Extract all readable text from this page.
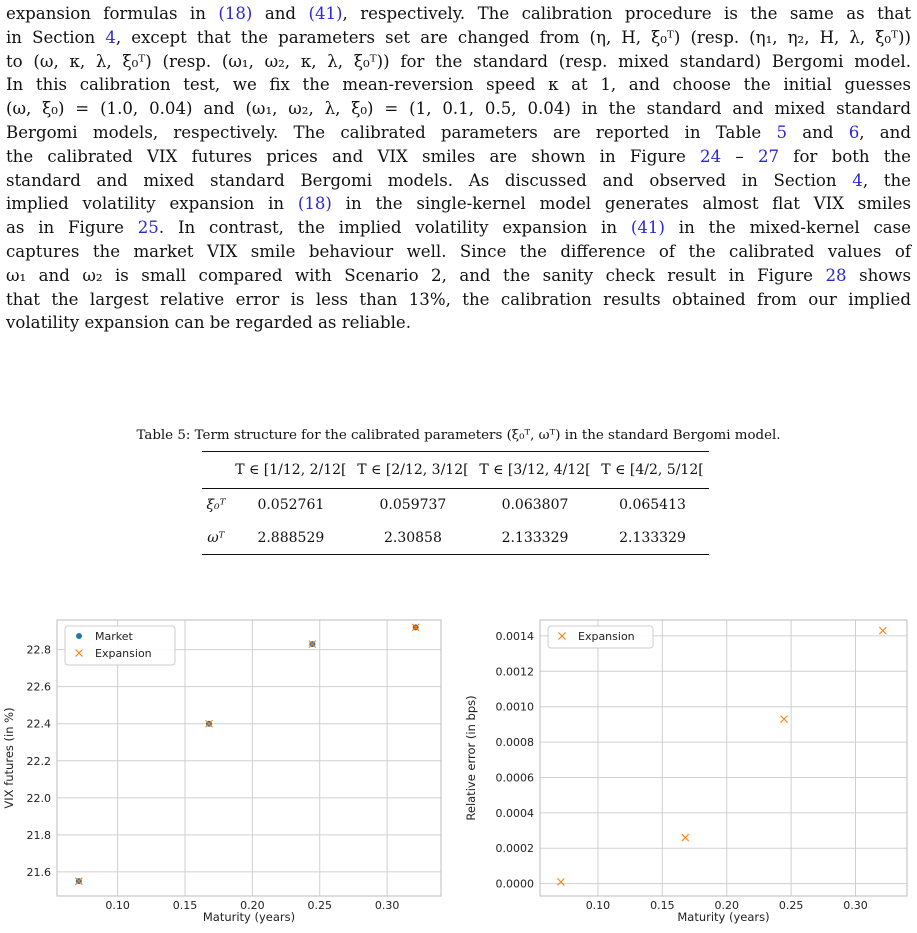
expansion formulas in (18) and (41), respectively. The calibration procedure is the same as that
in Section 4, except that the parameters set are changed from (η, H, ξ₀ᵀ) (resp. (η₁, η₂, H, λ, ξ₀ᵀ))
to (ω, κ, λ, ξ₀ᵀ) (resp. (ω₁, ω₂, κ, λ, ξ₀ᵀ)) for the standard (resp. mixed standard) Bergomi model.
In this calibration test, we fix the mean-reversion speed κ at 1, and choose the initial guesses
(ω, ξ₀) = (1.0, 0.04) and (ω₁, ω₂, λ, ξ₀) = (1, 0.1, 0.5, 0.04) in the standard and mixed standard
Bergomi models, respectively. The calibrated parameters are reported in Table 5 and 6, and
the calibrated VIX futures prices and VIX smiles are shown in Figure 24 – 27 for both the
standard and mixed standard Bergomi models. As discussed and observed in Section 4, the
implied volatility expansion in (18) in the single-kernel model generates almost flat VIX smiles
as in Figure 25. In contrast, the implied volatility expansion in (41) in the mixed-kernel case
captures the market VIX smile behaviour well. Since the difference of the calibrated values of
ω₁ and ω₂ is small compared with Scenario 2, and the sanity check result in Figure 28 shows
that the largest relative error is less than 13%, the calibration results obtained from our implied
volatility expansion can be regarded as reliable.
Table 5: Term structure for the calibrated parameters (ξ₀ᵀ, ωᵀ) in the standard Bergomi model.
	T ∈ [1/12, 2/12[	T ∈ [2/12, 3/12[	T ∈ [3/12, 4/12[	T ∈ [4/2, 5/12[
ξ₀ᵀ	0.052761	0.059737	0.063807	0.065413
ωᵀ	2.888529	2.30858	2.133329	2.133329
0.10	0.15	0.20	0.25	0.30
21.6
21.8
22.0
22.2
22.4
22.6
22.8
Maturity (years)
VIX futures (in %)
Market
Expansion
0.10	0.15	0.20	0.25	0.30
0.0000
0.0002
0.0004
0.0006
0.0008
0.0010
0.0012
0.0014
Maturity (years)
Relative error (in bps)
Expansion
